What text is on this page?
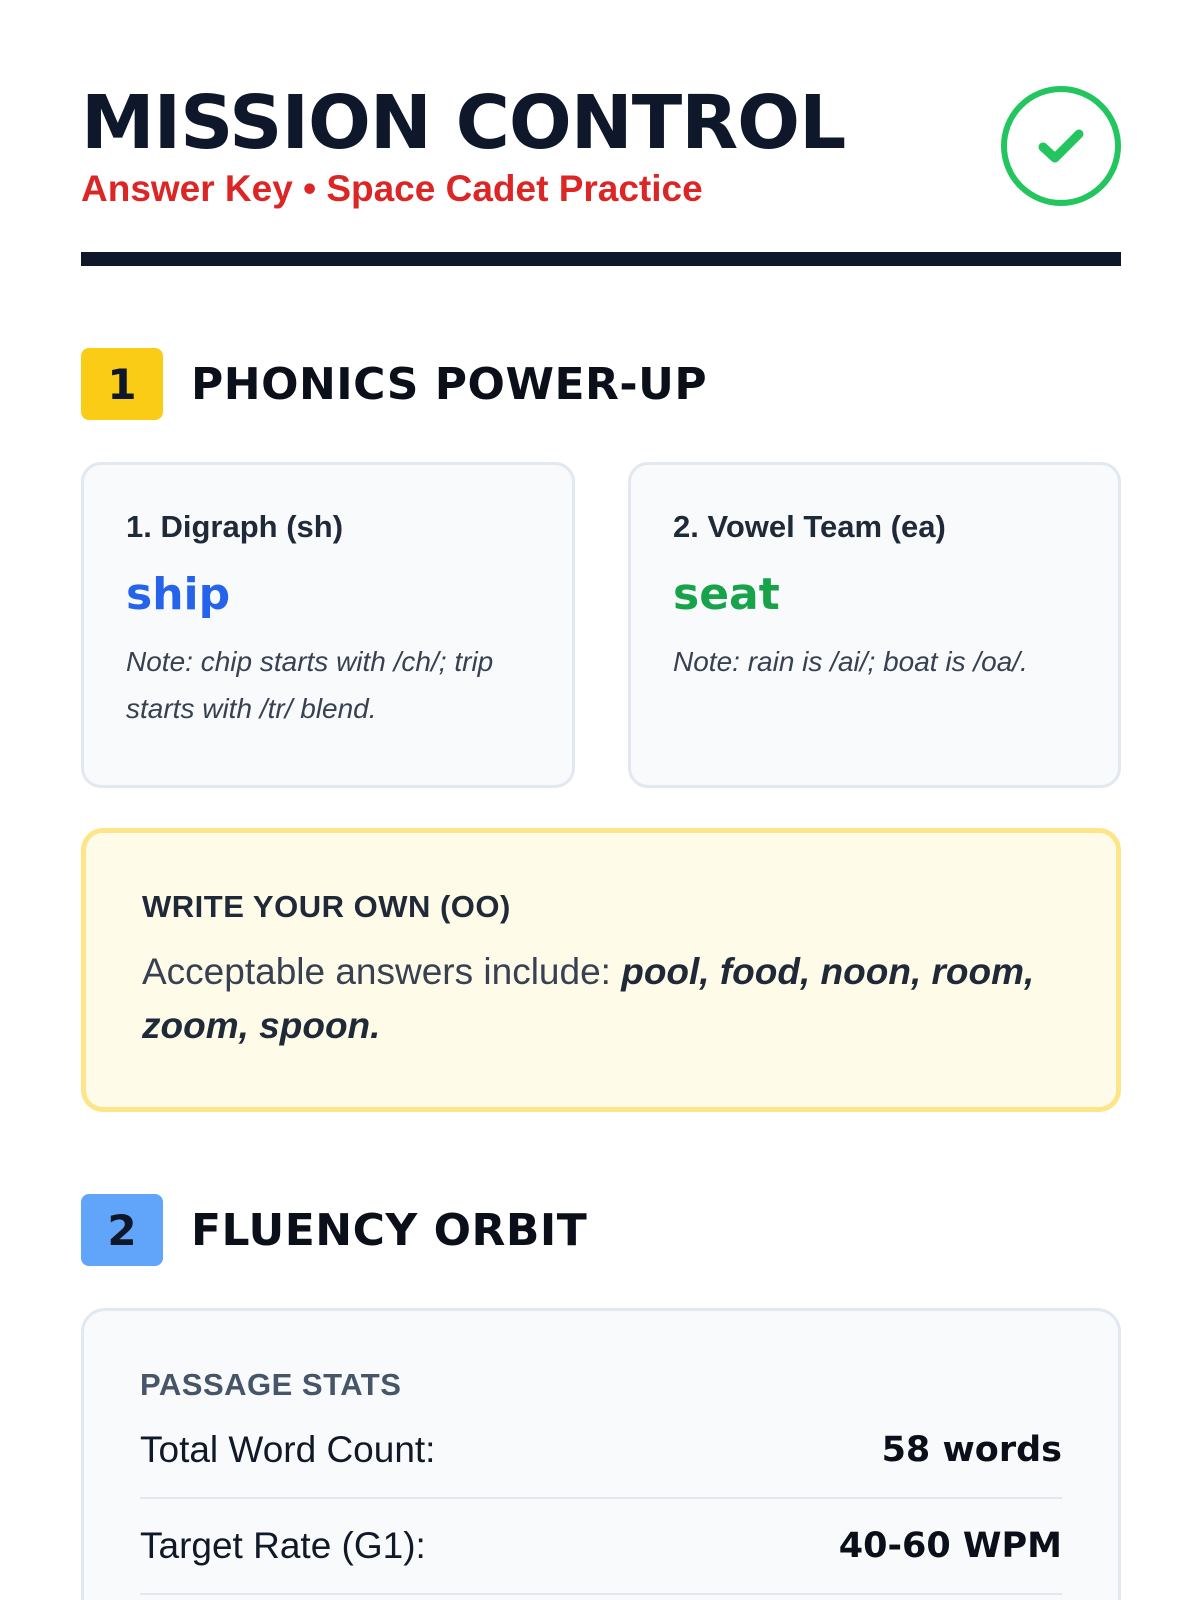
MISSION CONTROL
Answer Key • Space Cadet Practice
1	PHONICS POWER-UP
1. Digraph (sh)
ship
Note: chip starts with /ch/; trip starts with /tr/ blend.
2. Vowel Team (ea)
seat
Note: rain is /ai/; boat is /oa/.
WRITE YOUR OWN (OO)
Acceptable answers include: pool, food, noon, room, zoom, spoon.
2	FLUENCY ORBIT
PASSAGE STATS
Total Word Count:	58 words
Target Rate (G1):	40-60 WPM
